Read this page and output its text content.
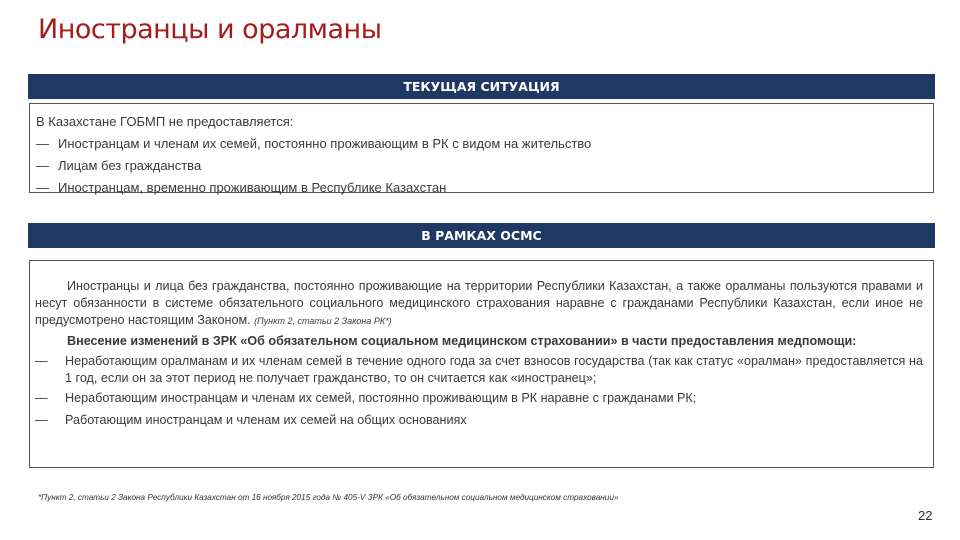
Иностранцы и оралманы
ТЕКУЩАЯ СИТУАЦИЯ
В Казахстане ГОБМП не предоставляется:
— Иностранцам и членам их семей, постоянно проживающим в РК с видом на жительство
— Лицам без гражданства
— Иностранцам, временно проживающим в Республике Казахстан
В РАМКАХ ОСМС
Иностранцы и лица без гражданства, постоянно проживающие на территории Республики Казахстан, а также оралманы пользуются правами и несут обязанности в системе обязательного социального медицинского страхования наравне с гражданами Республики Казахстан, если иное не предусмотрено настоящим Законом. (Пункт 2, статьи 2 Закона РК*)
Внесение изменений в ЗРК «Об обязательном социальном медицинском страховании» в части предоставления медпомощи:
—	Неработающим оралманам и их членам семей в течение одного года за счет взносов государства (так как статус «оралман» предоставляется на 1 год, если он за этот период не получает гражданство, то он считается как «иностранец»;
—	Неработающим иностранцам и членам их семей, постоянно проживающим в РК наравне с гражданами РК;
—	Работающим иностранцам и членам их семей на общих основаниях
*Пункт 2, статьи 2 Закона Республики Казахстан от 16 ноября 2015 года № 405-V ЗРК «Об обязательном социальном медицинском страховании»
22
